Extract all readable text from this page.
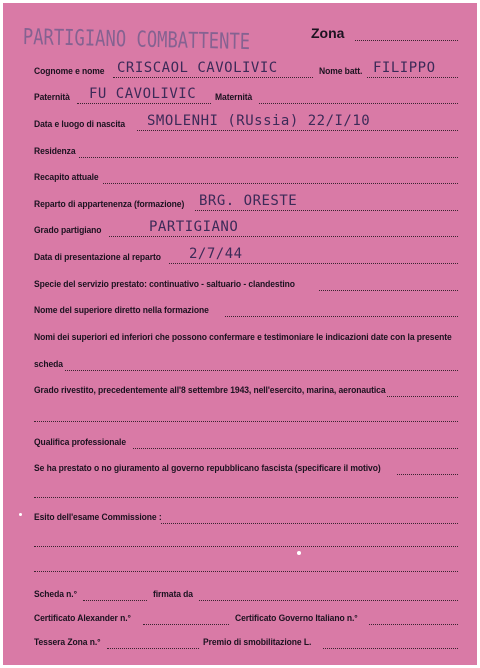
PARTIGIANO COMBATTENTE	Zona
Cognome e nome CRISCAOL CAVOLIVIC	Nome batt. FILIPPO
Paternità FU CAVOLIVIC Maternità
Data e luogo di nascita SMOLENHI (RUssia) 22/I/10
Residenza
Recapito attuale
Reparto di appartenenza (formazione) BRG. ORESTE
Grado partigiano	PARTIGIANO
Data di presentazione al reparto 2/7/44
Specie del servizio prestato: continuativo - saltuario - clandestino
Nome del superiore diretto nella formazione
Nomi dei superiori ed inferiori che possono confermare e testimoniare le indicazioni date con la presente
scheda
Grado rivestito, precedentemente all'8 settembre 1943, nell'esercito, marina, aeronautica
Qualifica professionale
Se ha prestato o no giuramento al governo repubblicano fascista (specificare il motivo)
Esito dell'esame Commissione :
Scheda n.°	firmata da
Certificato Alexander n.°	Certificato Governo Italiano n.°
Tessera Zona n.°	Premio di smobilitazione L.
